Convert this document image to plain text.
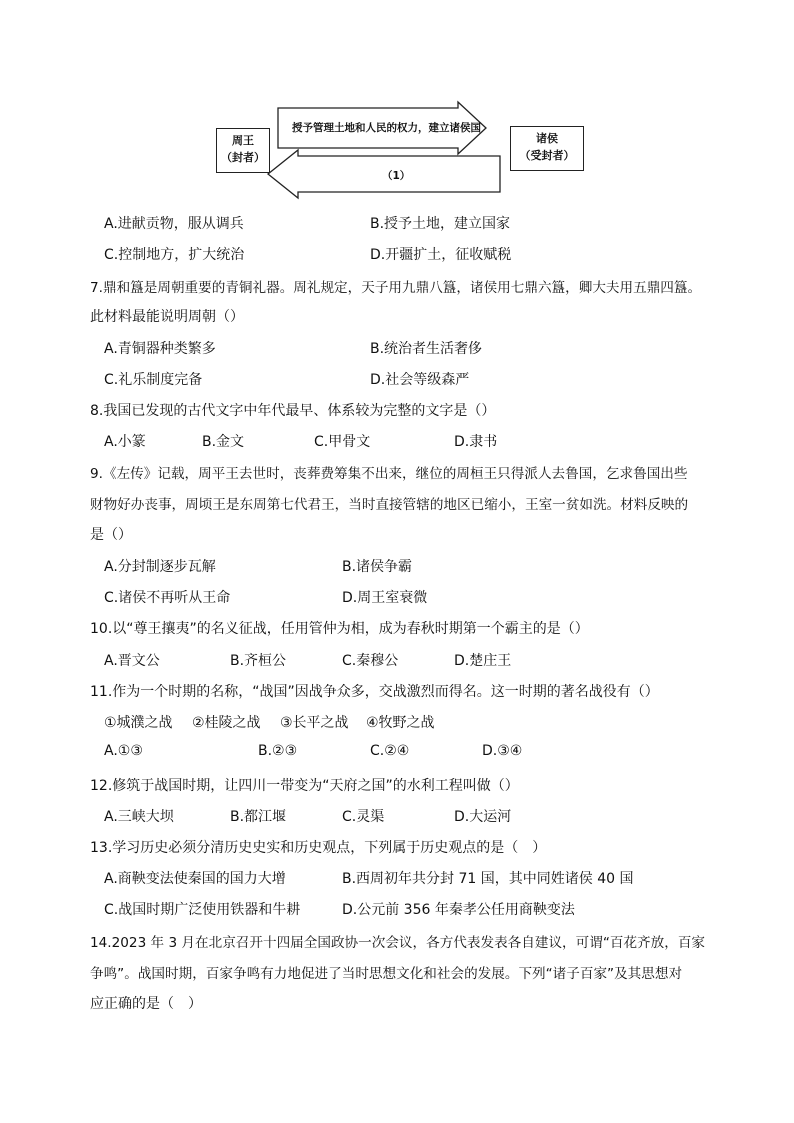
周王
（封者）
诸侯
（受封者）
授予管理土地和人民的权力，建立诸侯国
（1）
A.进献贡物，服从调兵	B.授予土地，建立国家
C.控制地方，扩大统治	D.开疆扩土，征收赋税
7.鼎和簋是周朝重要的青铜礼器。周礼规定，天子用九鼎八簋，诸侯用七鼎六簋，卿大夫用五鼎四簋。
此材料最能说明周朝（）
A.青铜器种类繁多	B.统治者生活奢侈
C.礼乐制度完备	D.社会等级森严
8.我国已发现的古代文字中年代最早、体系较为完整的文字是（）
A.小篆	B.金文	C.甲骨文	D.隶书
9.《左传》记载，周平王去世时，丧葬费筹集不出来，继位的周桓王只得派人去鲁国，乞求鲁国出些
财物好办丧事，周顷王是东周第七代君王，当时直接管辖的地区已缩小，王室一贫如洗。材料反映的
是（）
A.分封制逐步瓦解	B.诸侯争霸
C.诸侯不再听从王命	D.周王室衰微
10.以“尊王攘夷”的名义征战，任用管仲为相，成为春秋时期第一个霸主的是（）
A.晋文公	B.齐桓公	C.秦穆公	D.楚庄王
11.作为一个时期的名称，“战国”因战争众多，交战激烈而得名。这一时期的著名战役有（）
①城濮之战 ②桂陵之战 ③长平之战 ④牧野之战
A.①③	B.②③	C.②④	D.③④
12.修筑于战国时期，让四川一带变为“天府之国”的水利工程叫做（）
A.三峡大坝	B.都江堰	C.灵渠	D.大运河
13.学习历史必须分清历史史实和历史观点，下列属于历史观点的是（　）
A.商鞅变法使秦国的国力大增	B.西周初年共分封 71 国，其中同姓诸侯 40 国
C.战国时期广泛使用铁器和牛耕	D.公元前 356 年秦孝公任用商鞅变法
14.2023 年 3 月在北京召开十四届全国政协一次会议，各方代表发表各自建议，可谓“百花齐放，百家
争鸣”。战国时期，百家争鸣有力地促进了当时思想文化和社会的发展。下列“诸子百家”及其思想对
应正确的是（　）
